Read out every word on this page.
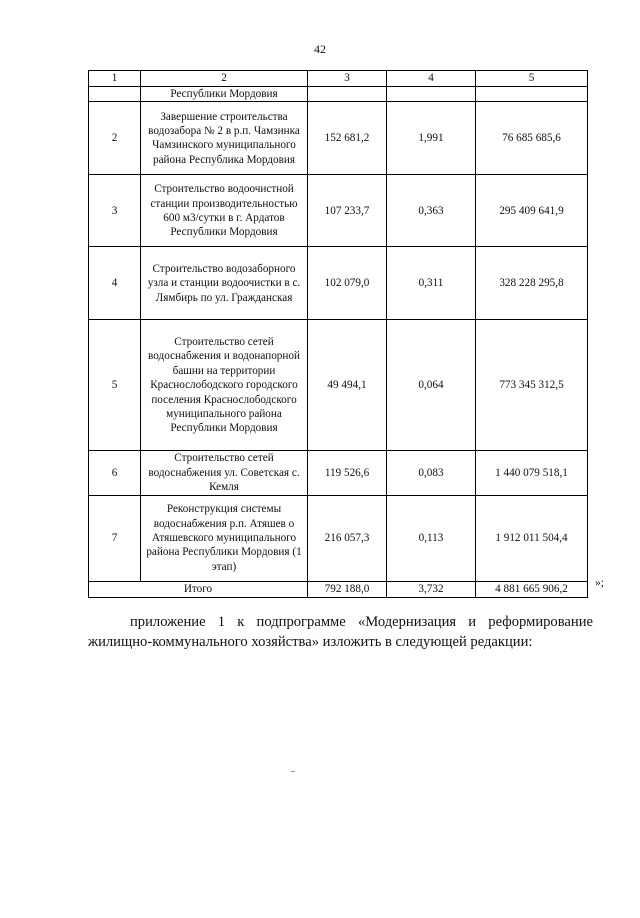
42
1	2	3	4	5
	Республики Мордовия			
2	Завершение строительства водозабора № 2 в р.п. Чамзинка Чамзинского муниципального района Республика Мордовия	152 681,2	1,991	76 685 685,6
3	Строительство водоочистной станции производительностью 600 м3/сутки в г. Ардатов Республики Мордовия	107 233,7	0,363	295 409 641,9
4	Строительство водозаборного узла и станции водоочистки в с. Лямбирь по ул. Гражданская	102 079,0	0,311	328 228 295,8
5	Строительство сетей водоснабжения и водонапорной башни на территории Краснослободского городского поселения Краснослободского муниципального района Республики Мордовия	49 494,1	0,064	773 345 312,5
6	Строительство сетей водоснабжения ул. Советская с. Кемля	119 526,6	0,083	1 440 079 518,1
7	Реконструкция системы водоснабжения р.п. Атяшев о Атяшевского муниципального района Республики Мордовия (1 этап)	216 057,3	0,113	1 912 011 504,4
Итого		792 188,0	3,732	4 881 665 906,2 »;
приложение 1 к подпрограмме «Модернизация и реформирование жилищно-коммунального хозяйства» изложить в следующей редакции:
